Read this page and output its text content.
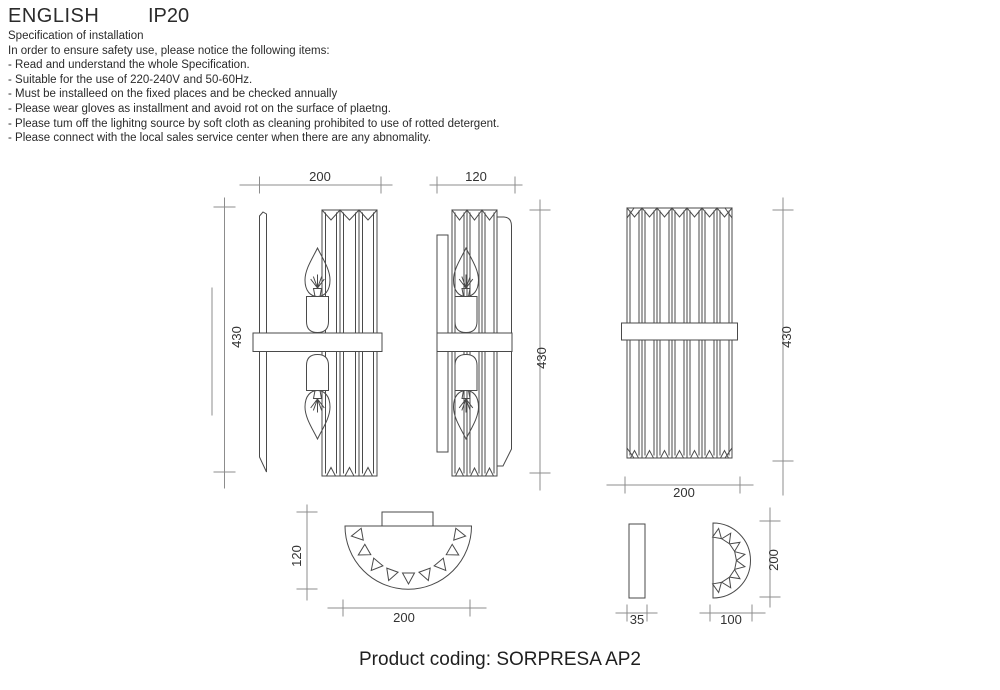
ENGLISH IP20
Specification of installation
In order to ensure safety use, please notice the following items:
- Read and understand the whole Specification.
- Suitable for the use of 220-240V and 50-60Hz.
- Must be installeed on the fixed places and be checked annually
- Please wear gloves as installment and avoid rot on the surface of plaetng.
- Please tum off the lighitng source by soft cloth as cleaning prohibited to use of rotted detergent.
- Please connect with the local sales service center when there are any abnomality.
200
430
120
430
200
430
120
200	35	100
200
Product coding: SORPRESA AP2
